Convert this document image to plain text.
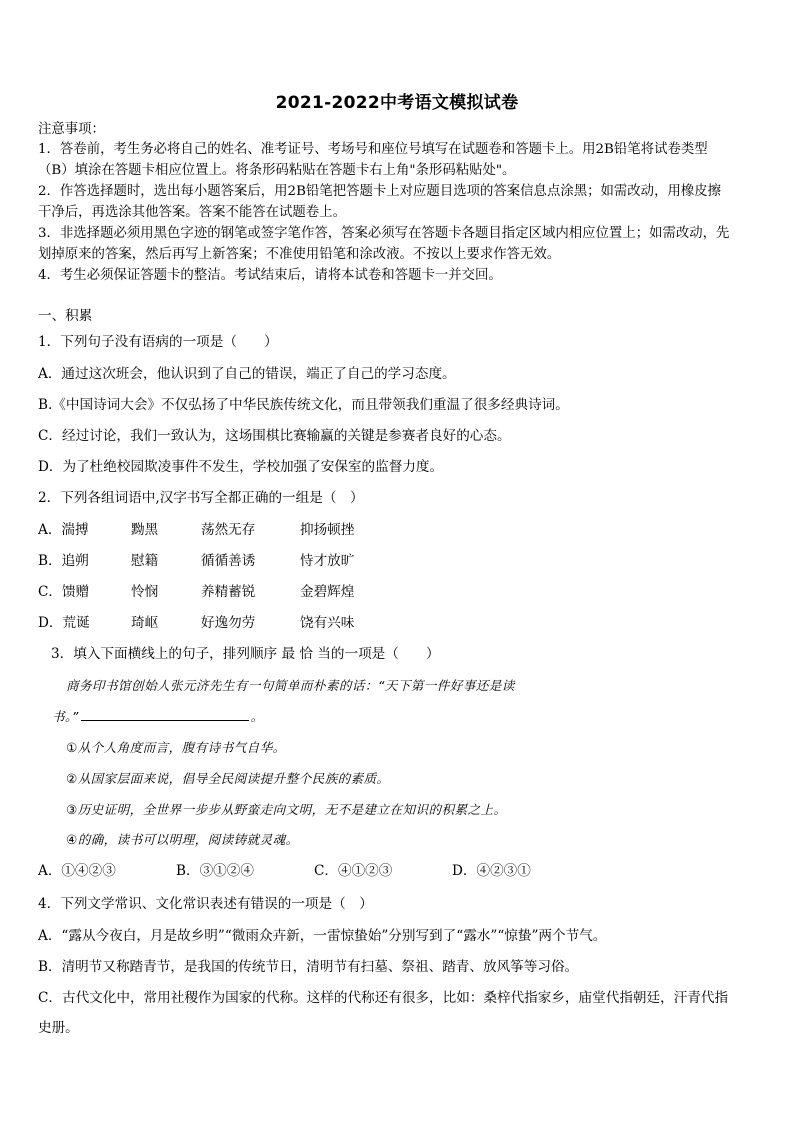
2021-2022中考语文模拟试卷
注意事项：
1．答卷前，考生务必将自己的姓名、准考证号、考场号和座位号填写在试题卷和答题卡上。用2B铅笔将试卷类型
（B）填涂在答题卡相应位置上。将条形码粘贴在答题卡右上角"条形码粘贴处"。
2．作答选择题时，选出每小题答案后，用2B铅笔把答题卡上对应题目选项的答案信息点涂黑；如需改动，用橡皮擦
干净后，再选涂其他答案。答案不能答在试题卷上。
3．非选择题必须用黑色字迹的钢笔或签字笔作答，答案必须写在答题卡各题目指定区域内相应位置上；如需改动，先
划掉原来的答案，然后再写上新答案；不准使用铅笔和涂改液。不按以上要求作答无效。
4．考生必须保证答题卡的整洁。考试结束后，请将本试卷和答题卡一并交回。
一、积累
1．下列句子没有语病的一项是（　　）
A．通过这次班会，他认识到了自己的错误，端正了自己的学习态度。
B.《中国诗词大会》不仅弘扬了中华民族传统文化，而且带领我们重温了很多经典诗词。
C．经过讨论，我们一致认为，这场围棋比赛输赢的关键是参赛者良好的心态。
D．为了杜绝校园欺凌事件不发生，学校加强了安保室的监督力度。
2．下列各组词语中,汉字书写全都正确的一组是（　）
A．湍搏	黝黑	荡然无存	抑扬顿挫
B．追朔	慰籍	循循善诱	恃才放旷
C．馈赠	怜悯	养精蓄锐	金碧辉煌
D．荒诞	琦岖	好逸勿劳	饶有兴味
3．填入下面横线上的句子，排列顺序 最 恰 当的一项是（　　）
商务印书馆创始人张元济先生有一句简单而朴素的话：“天下第一件好事还是读
书。”	。
①从个人角度而言，腹有诗书气自华。
②从国家层面来说，倡导全民阅读提升整个民族的素质。
③历史证明，全世界一步步从野蛮走向文明，无不是建立在知识的积累之上。
④的确，读书可以明理，阅读铸就灵魂。
A．①④②③	B．③①②④	C．④①②③	D．④②③①
4．下列文学常识、文化常识表述有错误的一项是（　）
A．“露从今夜白，月是故乡明”“微雨众卉新，一雷惊蛰始”分别写到了“露水”“惊蛰”两个节气。
B．清明节又称踏青节，是我国的传统节日，清明节有扫墓、祭祖、踏青、放风筝等习俗。
C．古代文化中，常用社稷作为国家的代称。这样的代称还有很多，比如：桑梓代指家乡，庙堂代指朝廷，汗青代指
史册。
